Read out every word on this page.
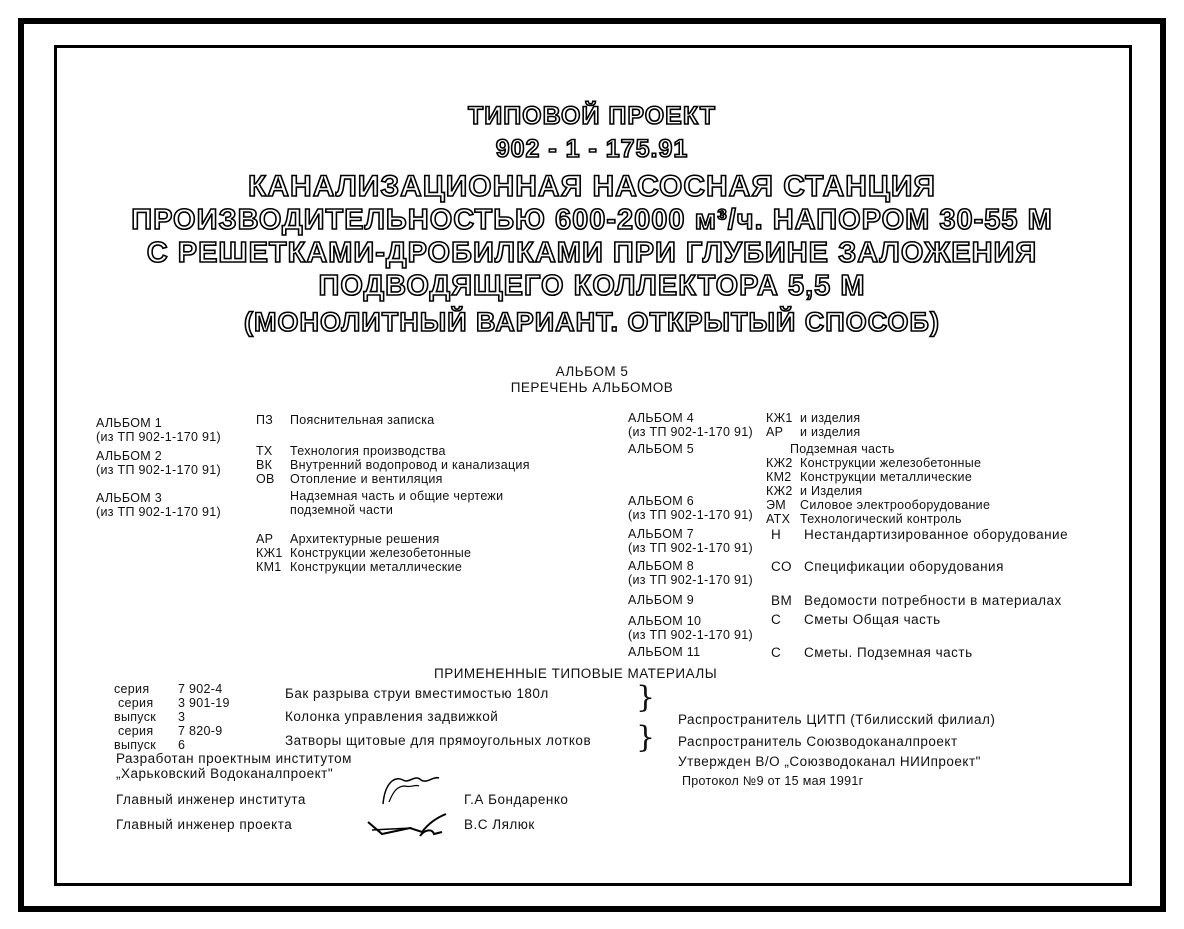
ТИПОВОЙ ПРОЕКТ
902 - 1 - 175.91
КАНАЛИЗАЦИОННАЯ НАСОСНАЯ СТАНЦИЯ
ПРОИЗВОДИТЕЛЬНОСТЬЮ 600-2000 м³/ч. НАПОРОМ 30-55 М
С РЕШЕТКАМИ-ДРОБИЛКАМИ ПРИ ГЛУБИНЕ ЗАЛОЖЕНИЯ
ПОДВОДЯЩЕГО КОЛЛЕКТОРА 5,5 М
(МОНОЛИТНЫЙ ВАРИАНТ. ОТКРЫТЫЙ СПОСОБ)
АЛЬБОМ 5
ПЕРЕЧЕНЬ АЛЬБОМОВ
АЛЬБОМ 1
(из ТП 902-1-170 91)
АЛЬБОМ 2
(из ТП 902-1-170 91)
АЛЬБОМ 3
(из ТП 902-1-170 91)
ПЗ Пояснительная записка
ТХ Технология производства
ВК Внутренний водопровод и канализация
ОВ Отопление и вентиляция
Надземная часть и общие чертежи
подземной части
АР Архитектурные решения
КЖ1 Конструкции железобетонные
КМ1 Конструкции металлические
КЖ1 и изделия
АР и изделия
Подземная часть
КЖ2 Конструкции железобетонные
КМ2 Конструкции металлические
КЖ2 и Изделия
ЭМ Силовое электрооборудование
АТХ Технологический контроль
Н Нестандартизированное оборудование
СО Спецификации оборудования
ВМ Ведомости потребности в материалах
С Сметы Общая часть
С Сметы. Подземная часть
АЛЬБОМ 4
(из ТП 902-1-170 91)
АЛЬБОМ 5
АЛЬБОМ 6
(из ТП 902-1-170 91)
АЛЬБОМ 7
(из ТП 902-1-170 91)
АЛЬБОМ 8
(из ТП 902-1-170 91)
АЛЬБОМ 9
АЛЬБОМ 10
(из ТП 902-1-170 91)
АЛЬБОМ 11
ПРИМЕНЕННЫЕ ТИПОВЫЕ МАТЕРИАЛЫ
серия 7 902-4
серия 3 901-19
выпуск 3
серия 7 820-9
выпуск 6
Бак разрыва струи вместимостью 180л
Колонка управления задвижкой
Затворы щитовые для прямоугольных лотков
}
}
Распространитель ЦИТП (Тбилисский филиал)
Распространитель Союзводоканалпроект
Утвержден В/О „Союзводоканал НИИпроект"
Протокол №9 от 15 мая 1991г
Разработан проектным институтом
„Харьковский Водоканалпроект"
Главный инженер института	Г.А Бондаренко
Главный инженер проекта	В.С Лялюк
